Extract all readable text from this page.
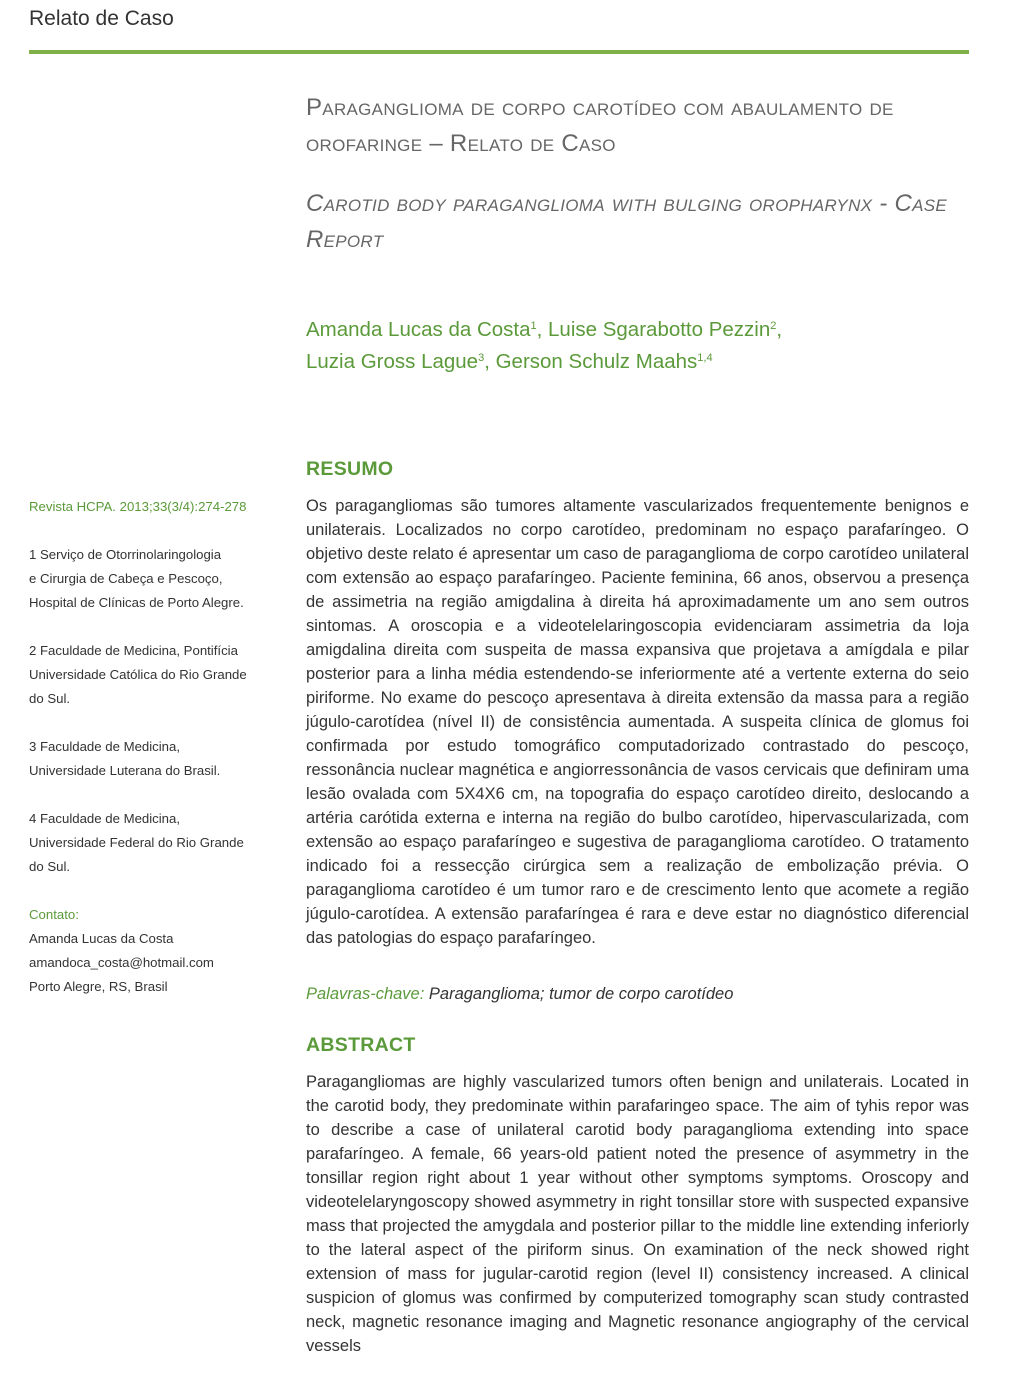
Relato de Caso
Paraganglioma de corpo carotídeo com abaulamento de orofaringe – Relato de Caso
Carotid body paraganglioma with bulging oropharynx - Case Report
Amanda Lucas da Costa$^1$, Luise Sgarabotto Pezzin$^2$,
Luzia Gross Lague$^3$, Gerson Schulz Maahs$^{1,4}$
Revista HCPA. 2013;33(3/4):274-278
1 Serviço de Otorrinolaringologia
e Cirurgia de Cabeça e Pescoço,
Hospital de Clínicas de Porto Alegre.
2 Faculdade de Medicina, Pontifícia
Universidade Católica do Rio Grande
do Sul.
3 Faculdade de Medicina,
Universidade Luterana do Brasil.
4 Faculdade de Medicina,
Universidade Federal do Rio Grande
do Sul.
Contato:
Amanda Lucas da Costa
amandoca_costa@hotmail.com
Porto Alegre, RS, Brasil
RESUMO
Os paragangliomas são tumores altamente vascularizados frequentemente benignos e unilaterais. Localizados no corpo carotídeo, predominam no espaço parafaríngeo. O objetivo deste relato é apresentar um caso de paraganglioma de corpo carotídeo unilateral com extensão ao espaço parafaríngeo. Paciente feminina, 66 anos, observou a presença de assimetria na região amigdalina à direita há aproximadamente um ano sem outros sintomas. A oroscopia e a videotelelaringoscopia evidenciaram assimetria da loja amigdalina direita com suspeita de massa expansiva que projetava a amígdala e pilar posterior para a linha média estendendo-se inferiormente até a vertente externa do seio piriforme. No exame do pescoço apresentava à direita extensão da massa para a região júgulo-carotídea (nível II) de consistência aumentada. A suspeita clínica de glomus foi confirmada por estudo tomográfico computadorizado contrastado do pescoço, ressonância nuclear magnética e angiorressonância de vasos cervicais que definiram uma lesão ovalada com 5X4X6 cm, na topografia do espaço carotídeo direito, deslocando a artéria carótida externa e interna na região do bulbo carotídeo, hipervascularizada, com extensão ao espaço parafaríngeo e sugestiva de paraganglioma carotídeo. O tratamento indicado foi a ressecção cirúrgica sem a realização de embolização prévia. O paraganglioma carotídeo é um tumor raro e de crescimento lento que acomete a região júgulo-carotídea. A extensão parafaríngea é rara e deve estar no diagnóstico diferencial das patologias do espaço parafaríngeo.
Palavras-chave: Paraganglioma; tumor de corpo carotídeo
ABSTRACT
Paragangliomas are highly vascularized tumors often benign and unilaterais. Located in the carotid body, they predominate within parafaringeo space. The aim of tyhis repor was to describe a case of unilateral carotid body paraganglioma extending into space parafaríngeo. A female, 66 years-old patient noted the presence of asymmetry in the tonsillar region right about 1 year without other symptoms symptoms. Oroscopy and videotelelaryngoscopy showed asymmetry in right tonsillar store with suspected expansive mass that projected the amygdala and posterior pillar to the middle line extending inferiorly to the lateral aspect of the piriform sinus. On examination of the neck showed right extension of mass for jugular-carotid region (level II) consistency increased. A clinical suspicion of glomus was confirmed by computerized tomography scan study contrasted neck, magnetic resonance imaging and Magnetic resonance angiography of the cervical vessels
